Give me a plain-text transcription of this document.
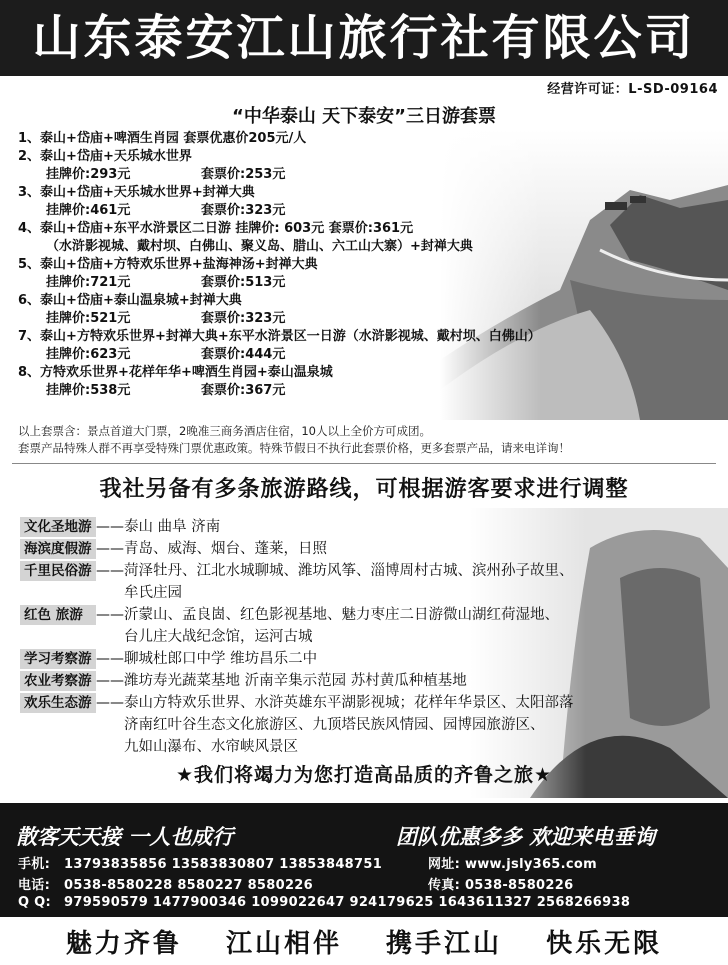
山东泰安江山旅行社有限公司
经营许可证：L-SD-09164
“中华泰山 天下泰安”三日游套票
1、泰山+岱庙+啤酒生肖园 套票优惠价205元/人
2、泰山+岱庙+天乐城水世界
挂牌价:293元	套票价:253元
3、泰山+岱庙+天乐城水世界+封禅大典
挂牌价:461元	套票价:323元
4、泰山+岱庙+东平水浒景区二日游 挂牌价: 603元 套票价:361元
（水浒影视城、戴村坝、白佛山、聚义岛、腊山、六工山大寨）+封禅大典
5、泰山+岱庙+方特欢乐世界+盐海神汤+封禅大典
挂牌价:721元	套票价:513元
6、泰山+岱庙+泰山温泉城+封禅大典
挂牌价:521元	套票价:323元
7、泰山+方特欢乐世界+封禅大典+东平水浒景区一日游（水浒影视城、戴村坝、白佛山）
挂牌价:623元	套票价:444元
8、方特欢乐世界+花样年华+啤酒生肖园+泰山温泉城
挂牌价:538元	套票价:367元
以上套票含：景点首道大门票，2晚准三商务酒店住宿，10人以上全价方可成团。
套票产品特殊人群不再享受特殊门票优惠政策。特殊节假日不执行此套票价格，更多套票产品，请来电详询！
我社另备有多条旅游路线，可根据游客要求进行调整
文化圣地游 —— 泰山 曲阜 济南
海滨度假游 —— 青岛、威海、烟台、蓬莱，日照
千里民俗游 —— 菏泽牡丹、江北水城聊城、潍坊风筝、淄博周村古城、滨州孙子故里、
牟氏庄园
红色 旅游 —— 沂蒙山、孟良崮、红色影视基地、魅力枣庄二日游微山湖红荷湿地、
台儿庄大战纪念馆，运河古城
学习考察游 —— 聊城杜郎口中学 维坊昌乐二中
农业考察游 —— 潍坊寿光蔬菜基地 沂南辛集示范园 苏村黄瓜种植基地
欢乐生态游 —— 泰山方特欢乐世界、水浒英雄东平湖影视城；花样年华景区、太阳部落
济南红叶谷生态文化旅游区、九顶塔民族风情园、园博园旅游区、
九如山瀑布、水帘峡风景区
★我们将竭力为您打造高品质的齐鲁之旅★
散客天天接 一人也成行	团队优惠多多 欢迎来电垂询
手机: 13793835856 13583830807 13853848751	网址: www.jsly365.com
电话: 0538-8580228 8580227 8580226	传真: 0538-8580226
Q Q: 979590579 1477900346 1099022647 924179625 1643611327 2568266938
魅力齐鲁 江山相伴 携手江山 快乐无限
